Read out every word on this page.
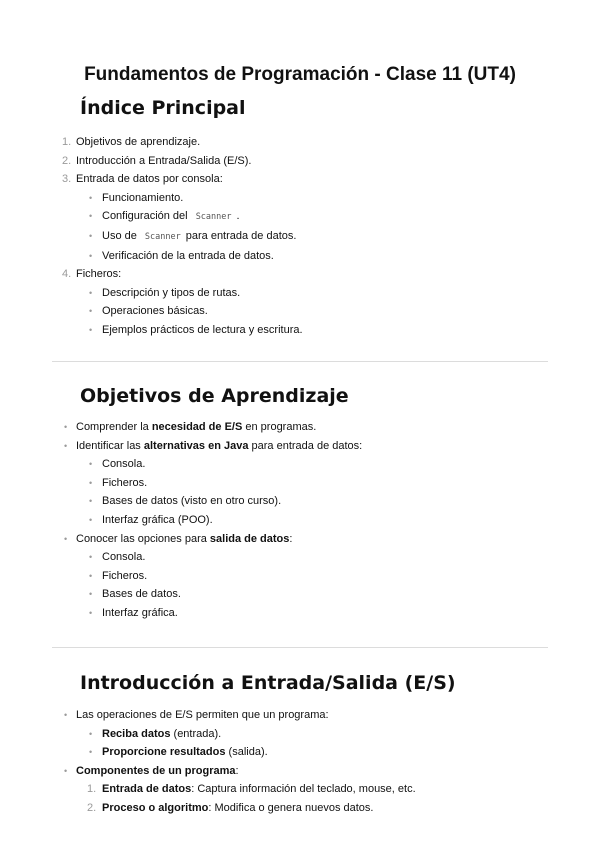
Fundamentos de Programación - Clase 11 (UT4)
Índice Principal
1. Objetivos de aprendizaje.
2. Introducción a Entrada/Salida (E/S).
3. Entrada de datos por consola:
• Funcionamiento.
• Configuración del Scanner .
• Uso de Scanner para entrada de datos.
• Verificación de la entrada de datos.
4. Ficheros:
• Descripción y tipos de rutas.
• Operaciones básicas.
• Ejemplos prácticos de lectura y escritura.
Objetivos de Aprendizaje
• Comprender la necesidad de E/S en programas.
• Identificar las alternativas en Java para entrada de datos:
• Consola.
• Ficheros.
• Bases de datos (visto en otro curso).
• Interfaz gráfica (POO).
• Conocer las opciones para salida de datos:
• Consola.
• Ficheros.
• Bases de datos.
• Interfaz gráfica.
Introducción a Entrada/Salida (E/S)
• Las operaciones de E/S permiten que un programa:
• Reciba datos (entrada).
• Proporcione resultados (salida).
• Componentes de un programa:
1. Entrada de datos: Captura información del teclado, mouse, etc.
2. Proceso o algoritmo: Modifica o genera nuevos datos.
